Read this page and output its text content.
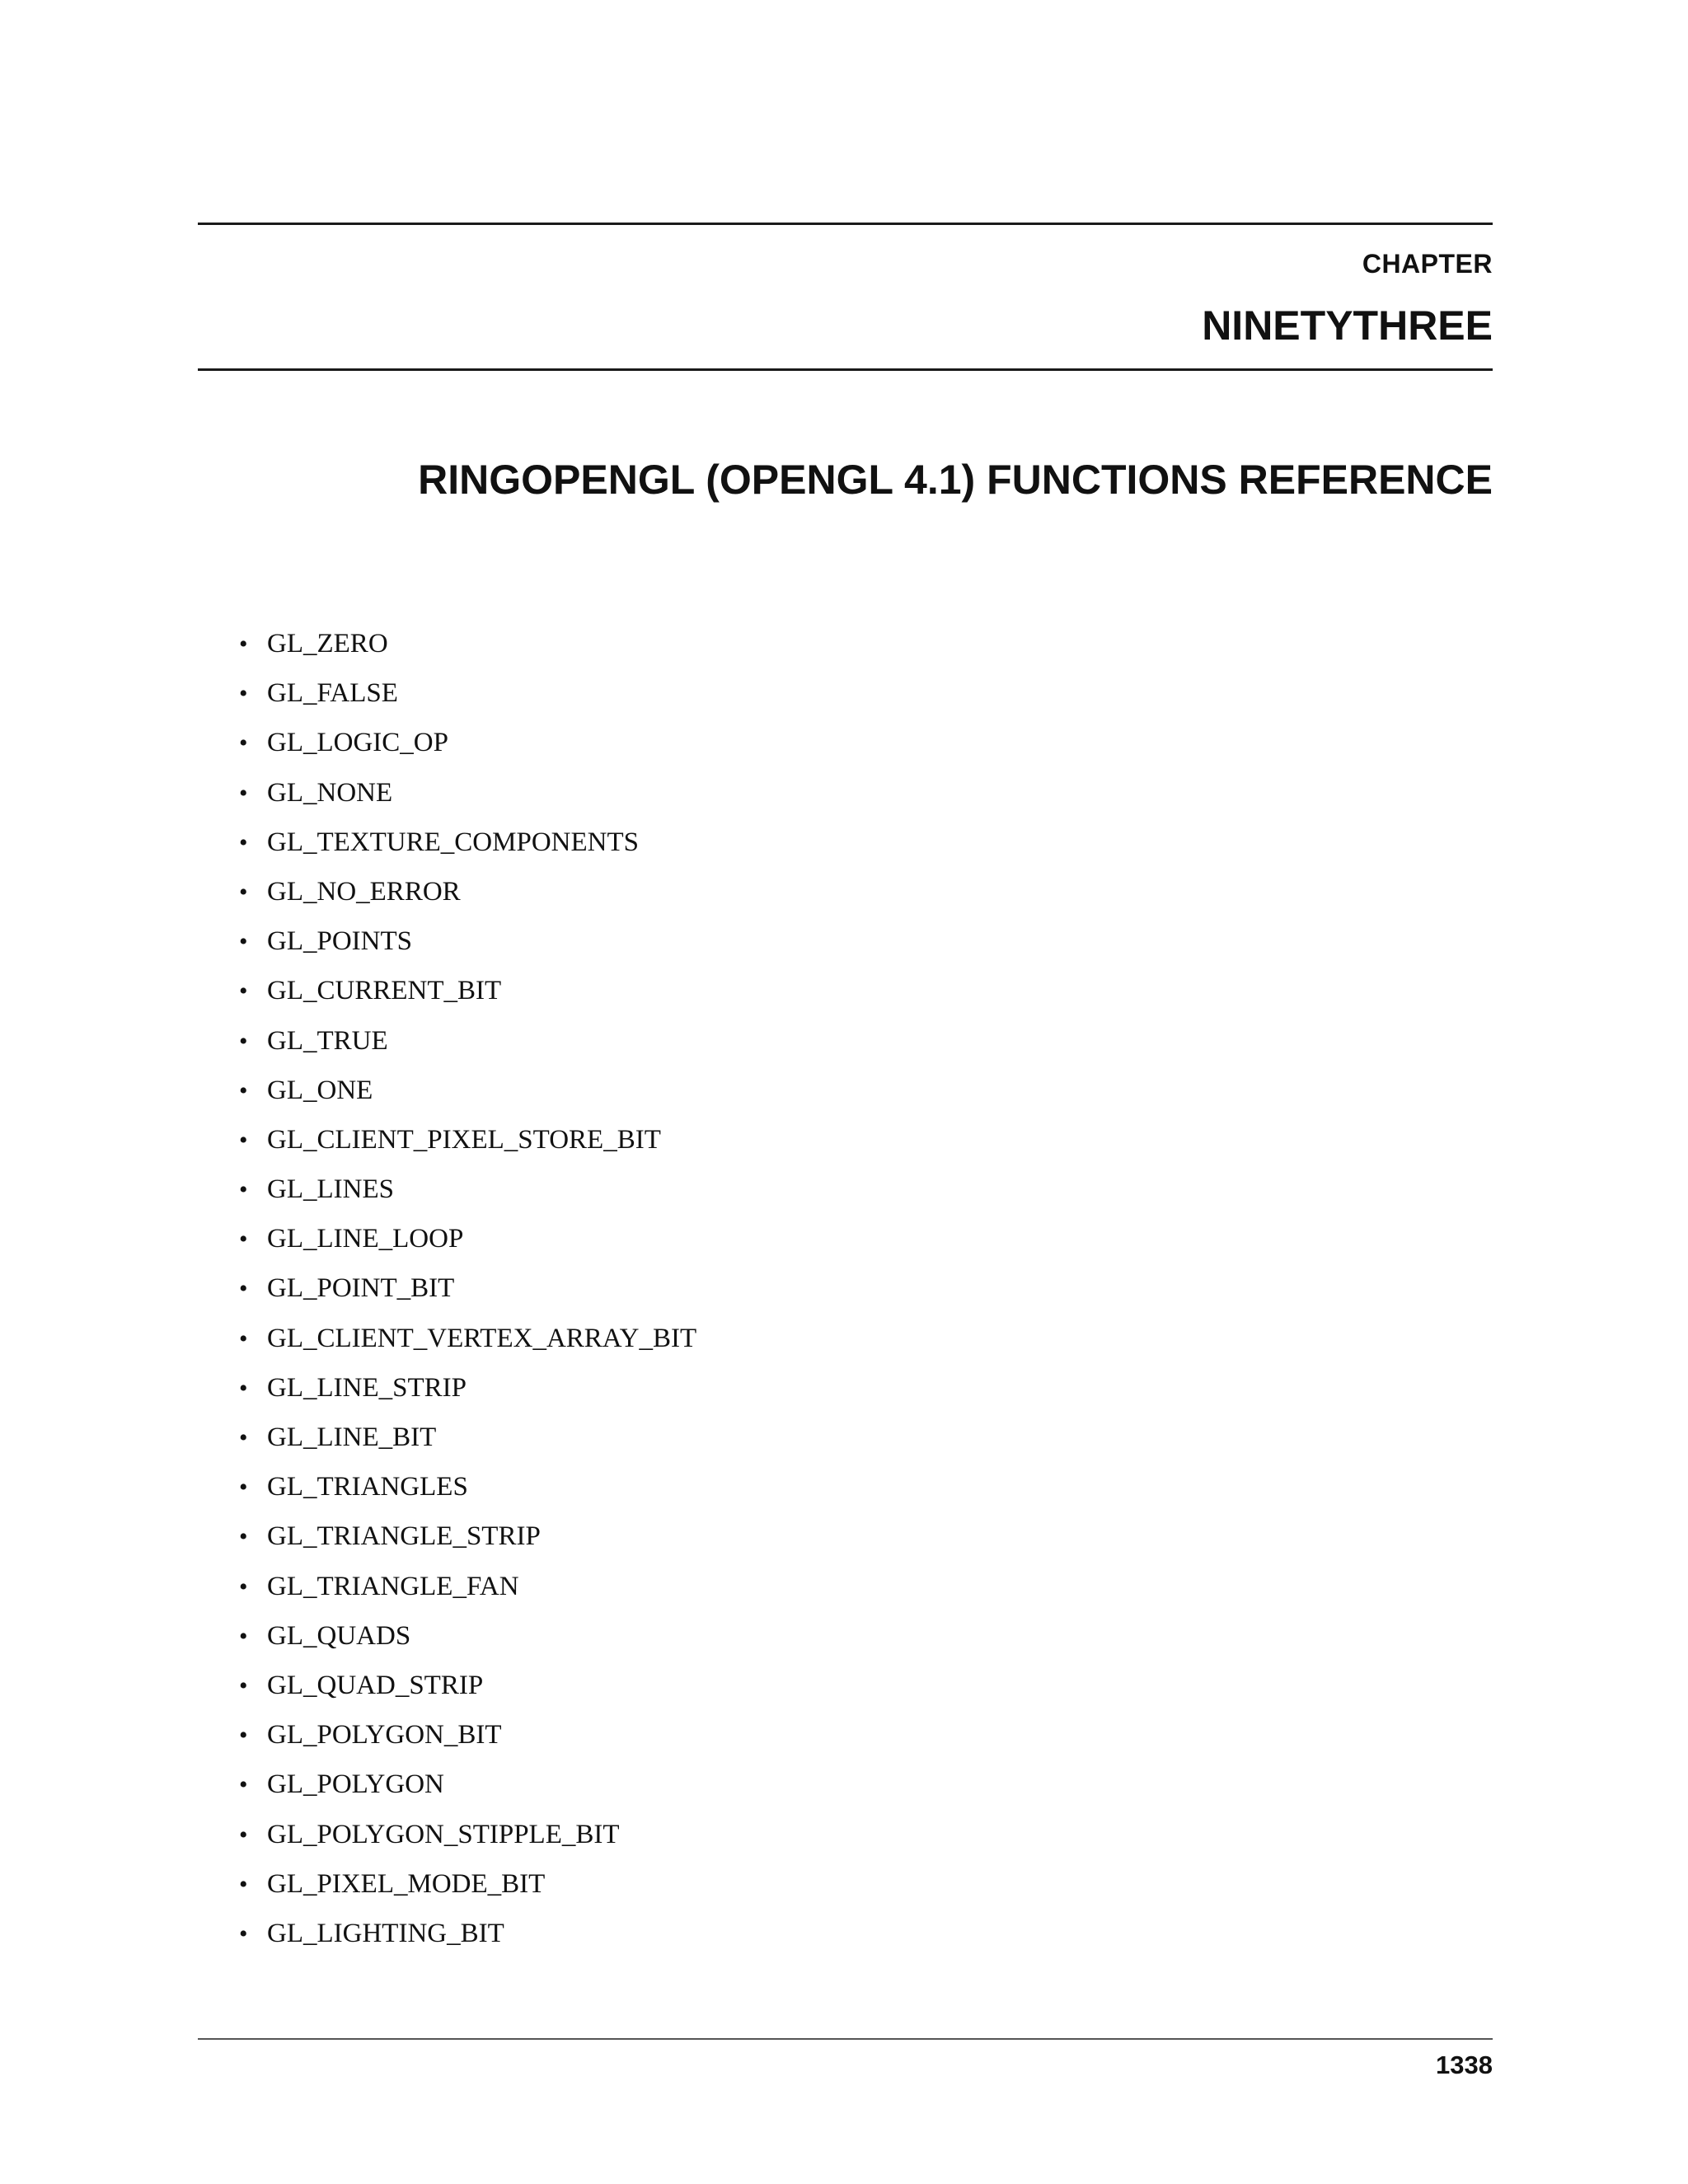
CHAPTER
NINETYTHREE
RINGOPENGL (OPENGL 4.1) FUNCTIONS REFERENCE
• GL_ZERO
• GL_FALSE
• GL_LOGIC_OP
• GL_NONE
• GL_TEXTURE_COMPONENTS
• GL_NO_ERROR
• GL_POINTS
• GL_CURRENT_BIT
• GL_TRUE
• GL_ONE
• GL_CLIENT_PIXEL_STORE_BIT
• GL_LINES
• GL_LINE_LOOP
• GL_POINT_BIT
• GL_CLIENT_VERTEX_ARRAY_BIT
• GL_LINE_STRIP
• GL_LINE_BIT
• GL_TRIANGLES
• GL_TRIANGLE_STRIP
• GL_TRIANGLE_FAN
• GL_QUADS
• GL_QUAD_STRIP
• GL_POLYGON_BIT
• GL_POLYGON
• GL_POLYGON_STIPPLE_BIT
• GL_PIXEL_MODE_BIT
• GL_LIGHTING_BIT
1338
